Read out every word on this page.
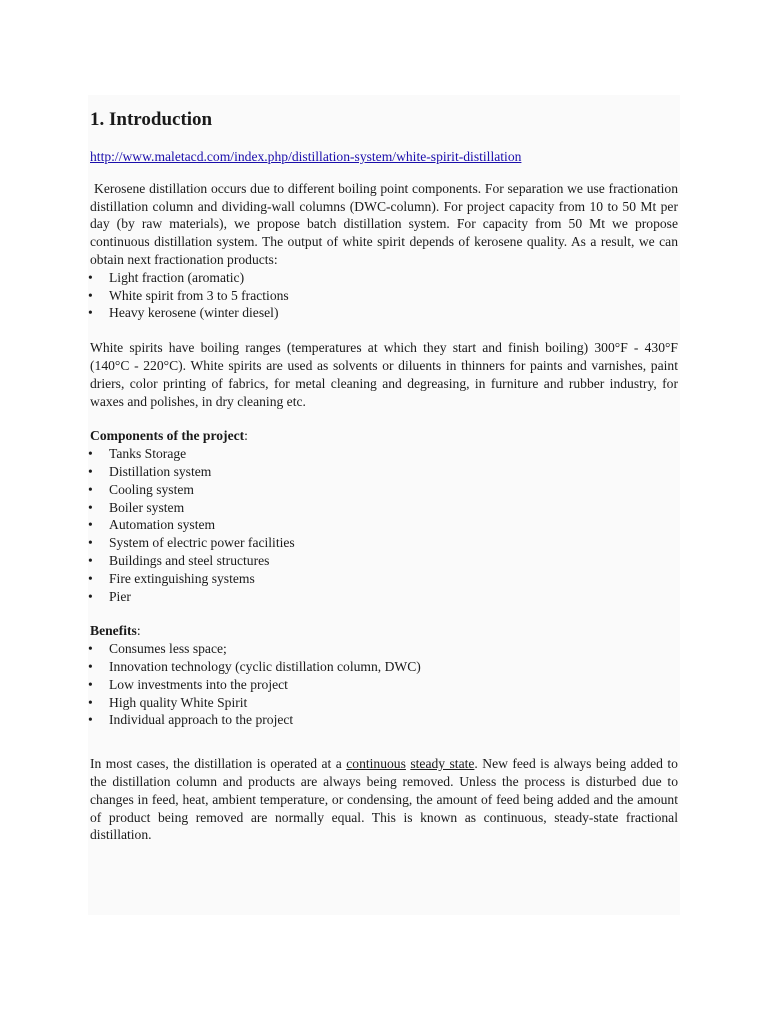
1. Introduction
http://www.maletacd.com/index.php/distillation-system/white-spirit-distillation

Kerosene distillation occurs due to different boiling point components. For separation we use fractionation distillation column and dividing-wall columns (DWC-column). For project capacity from 10 to 50 Mt per day (by raw materials), we propose batch distillation system. For capacity from 50 Mt we propose continuous distillation system. The output of white spirit depends of kerosene quality. As a result, we can obtain next fractionation products:

• Light fraction (aromatic)
• White spirit from 3 to 5 fractions
• Heavy kerosene (winter diesel)

White spirits have boiling ranges (temperatures at which they start and finish boiling) 300°F - 430°F (140°C - 220°C). White spirits are used as solvents or diluents in thinners for paints and varnishes, paint driers, color printing of fabrics, for metal cleaning and degreasing, in furniture and rubber industry, for waxes and polishes, in dry cleaning etc.

Components of the project:

• Tanks Storage
• Distillation system
• Cooling system
• Boiler system
• Automation system
• System of electric power facilities
• Buildings and steel structures
• Fire extinguishing systems
• Pier

Benefits:

• Consumes less space;
• Innovation technology (cyclic distillation column, DWC)
• Low investments into the project
• High quality White Spirit
• Individual approach to the project

In most cases, the distillation is operated at a continuous steady state. New feed is always being added to the distillation column and products are always being removed. Unless the process is disturbed due to changes in feed, heat, ambient temperature, or condensing, the amount of feed being added and the amount of product being removed are normally equal. This is known as continuous, steady-state fractional distillation.
